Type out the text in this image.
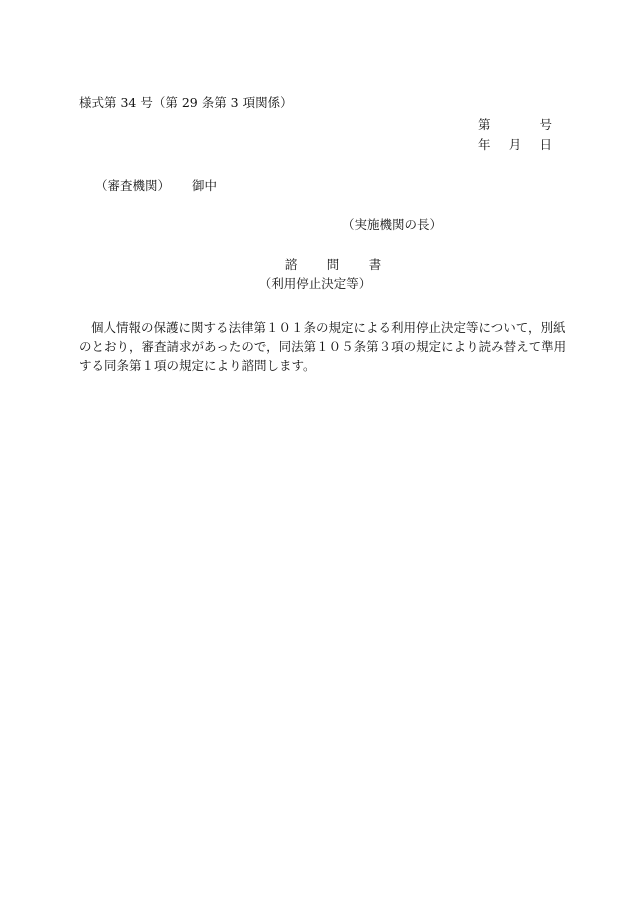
様式第 34 号（第 29 条第 3 項関係）
第	号
年 月 日
（審査機関） 御中
（実施機関の長）
諮 問 書
（利用停止決定等）
個人情報の保護に関する法律第１０１条の規定による利用停止決定等について，別紙
のとおり，審査請求があったので，同法第１０５条第３項の規定により読み替えて準用
する同条第１項の規定により諮問します。
